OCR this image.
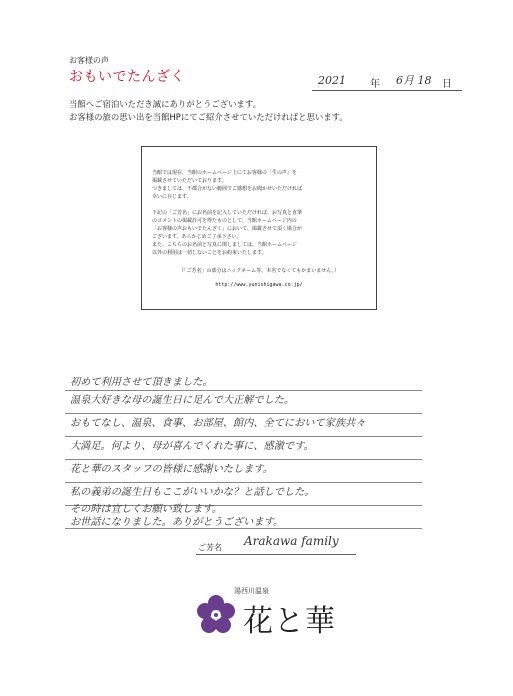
お客様の声
おもいでたんざく	2021 年 6月 18 日
当館へご宿泊いただき誠にありがとうございます。
お客様の旅の思い出を当館HPにてご紹介させていただければと思います。
当館では現在、当館のホームページ上にてお客様の「生の声」を
掲載させていただいております。
つきましては、不都合がない範囲でご感想をお聞かせいただければ
幸いに存じます。
下記の「ご芳名」にお名前を記入していただければ、お写真と直筆
のコメントの掲載許可を得たものとして、当館ホームページ内の
「お客様の声おもいでたんざく」において、掲載させて頂く場合が
ございます。あらかじめご了承下さい。
また、こちらのお名前と写真に関しましては、当館ホームページ
以外の利用は一切しないことをお約束いたします。
（「ご芳名」の部分はニックネーム等、本名でなくてもかまいません。）
http://www.yunishigawa.co.jp/
初めて利用させて頂きました。
温泉大好きな母の誕生日に足んで大正解でした。
おもてなし、温泉、食事、お部屋、館内、全てにおいて家族共々
大満足。何より、母が喜んでくれた事に、感激です。
花と華のスタッフの皆様に感謝いたします。
私の義弟の誕生日もここがいいかな？と話しでした。
その時は宜しくお願い致します。
お世話になりました。ありがとうございます。
ご芳名 Arakawa family
湯西川温泉
花と華
